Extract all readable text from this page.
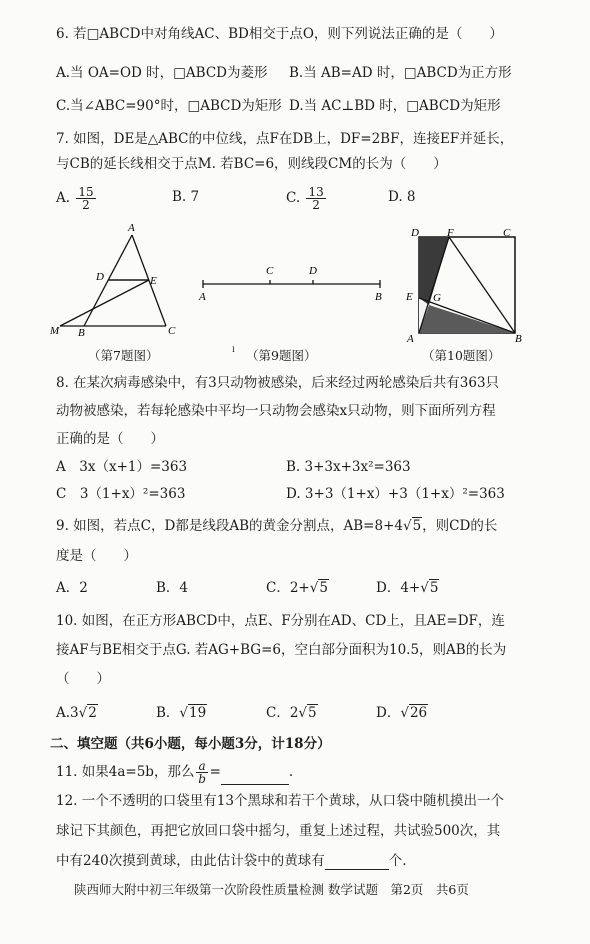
6. 若□ABCD中对角线AC、BD相交于点O，则下列说法正确的是（　　）
A.当 OA=OD 时，□ABCD为菱形 B.当 AB=AD 时，□ABCD为正方形
C.当∠ABC=90°时，□ABCD为矩形 D.当 AC⊥BD 时，□ABCD为矩形
7. 如图，DE是△ABC的中位线，点F在DB上，DF=2BF，连接EF并延长，
与CB的延长线相交于点M. 若BC=6，则线段CM的长为（　　）
A. $\frac{15}{2}$	B. 7	C. $\frac{13}{2}$	D. 8
A
D	E
M B	C
（第7题图）
C	D
A	B
ˡ （第9题图）
D	F	C
E G
A	B
（第10题图）
8. 在某次病毒感染中，有3只动物被感染，后来经过两轮感染后共有363只
动物被感染，若每轮感染中平均一只动物会感染x只动物，则下面所列方程
正确的是（　　）
A　3x（x+1）=363	B. 3+3x+3x²=363
C　3（1+x）²=363	D. 3+3（1+x）+3（1+x）²=363
9. 如图，若点C，D都是线段AB的黄金分割点，AB=8+4√5，则CD的长
度是（　　）
A．2	B．4	C．2+√5	D．4+√5
10. 如图，在正方形ABCD中，点E、F分别在AD、CD上，且AE=DF，连
接AF与BE相交于点G. 若AG+BG=6，空白部分面积为10.5，则AB的长为
（　　）
A.3√2	B．√19	C．2√5	D．√26
二、填空题（共6小题，每小题3分，计18分）
11. 如果4a=5b，那么 $\frac{a}{b}$ =	.
12. 一个不透明的口袋里有13个黑球和若干个黄球，从口袋中随机摸出一个
球记下其颜色，再把它放回口袋中摇匀，重复上述过程，共试验500次，其
中有240次摸到黄球，由此估计袋中的黄球有	个.
陕西师大附中初三年级第一次阶段性质量检测 数学试题　第2页　共6页
